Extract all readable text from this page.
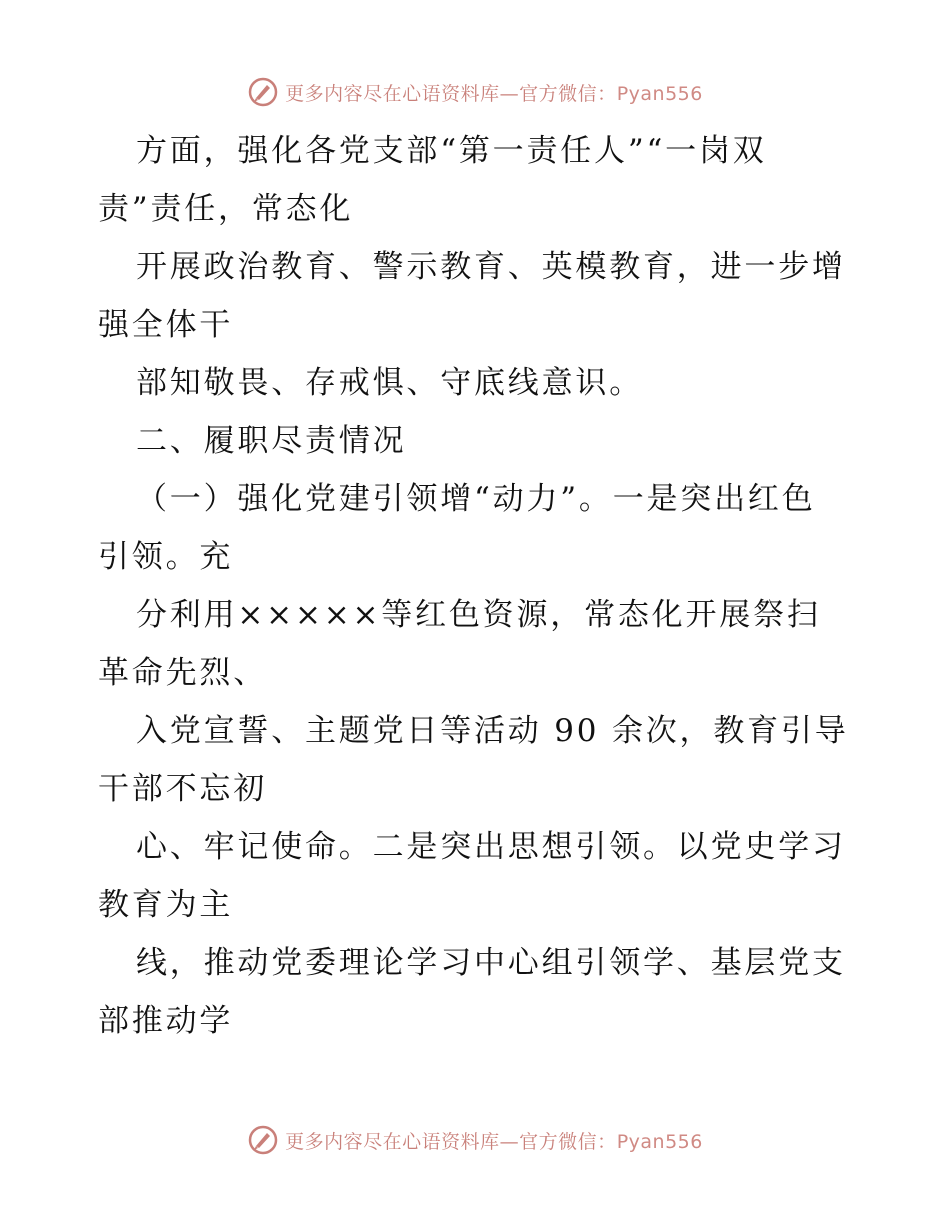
更多内容尽在心语资料库—官方微信：Pyan556
方面，强化各党支部“第一责任人”“一岗双
责”责任，常态化
开展政治教育、警示教育、英模教育，进一步增
强全体干
部知敬畏、存戒惧、守底线意识。
二、履职尽责情况
（一）强化党建引领增“动力”。一是突出红色
引领。充
分利用×××××等红色资源，常态化开展祭扫
革命先烈、
入党宣誓、主题党日等活动 90 余次，教育引导
干部不忘初
心、牢记使命。二是突出思想引领。以党史学习
教育为主
线，推动党委理论学习中心组引领学、基层党支
部推动学
更多内容尽在心语资料库—官方微信：Pyan556
